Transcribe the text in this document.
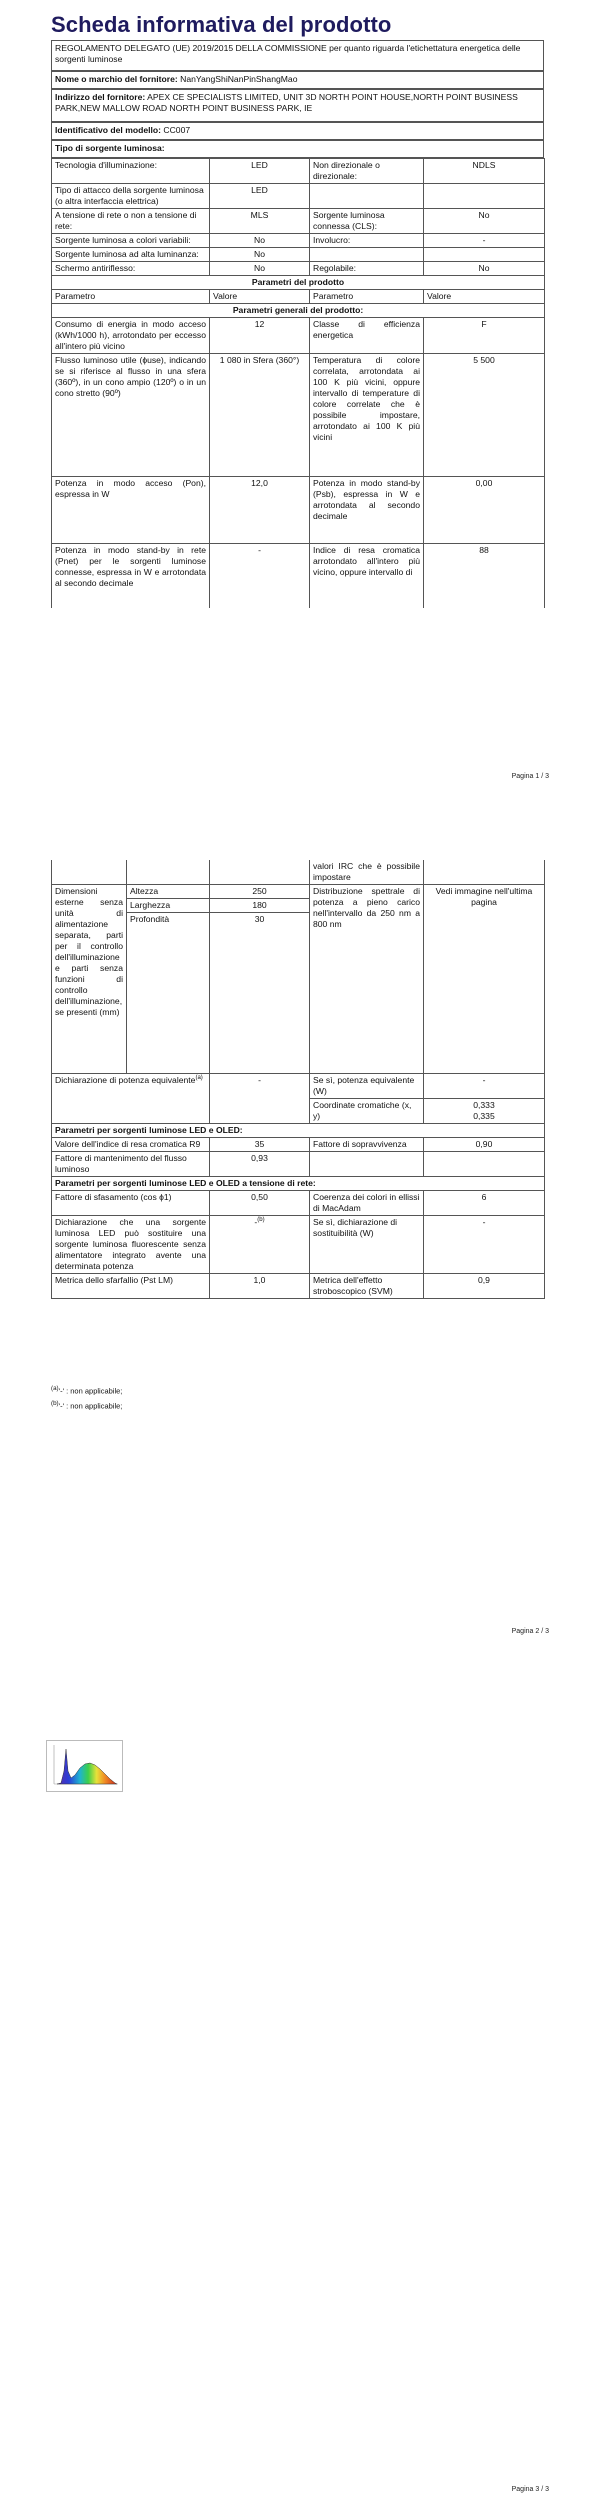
Scheda informativa del prodotto
REGOLAMENTO DELEGATO (UE) 2019/2015 DELLA COMMISSIONE per quanto riguarda l'etichettatura energetica delle sorgenti luminose
Nome o marchio del fornitore: NanYangShiNanPinShangMao
Indirizzo del fornitore: APEX CE SPECIALISTS LIMITED, UNIT 3D NORTH POINT HOUSE,NORTH POINT BUSINESS PARK,NEW MALLOW ROAD NORTH POINT BUSINESS PARK, IE
Identificativo del modello: CC007
Tipo di sorgente luminosa:
Tecnologia d'illuminazione:	LED	Non direzionale o direzionale:	NDLS
Tipo di attacco della sorgente luminosa
(o altra interfaccia elettrica)	LED		
A tensione di rete o non a tensione di rete:	MLS	Sorgente luminosa connessa (CLS):	No
Sorgente luminosa a colori variabili:	No	Involucro:	-
Sorgente luminosa ad alta luminanza:	No		
Schermo antiriflesso:	No	Regolabile:	No
Parametri del prodotto			
Parametro	Valore	Parametro	Valore
Parametri generali del prodotto:			
Consumo di energia in modo acceso (kWh/1000 h), arrotondato per eccesso all'intero più vicino	12	Classe di efficienza energetica	F
Flusso luminoso utile (ɸuse), indicando se si riferisce al flusso in una sfera (360º), in un cono ampio (120º) o in un cono stretto (90º)	1 080 in Sfera (360°)	Temperatura di colore correlata, arrotondata ai 100 K più vicini, oppure intervallo di temperature di colore correlate che è possibile impostare, arrotondato ai 100 K più vicini	5 500
Potenza in modo acceso (Pon), espressa in W	12,0	Potenza in modo stand-by (Psb), espressa in W e arrotondata al secondo decimale	0,00
Potenza in modo stand-by in rete (Pnet) per le sorgenti luminose connesse, espressa in W e arrotondata al secondo decimale	-	Indice di resa cromatica arrotondato all'intero più vicino, oppure intervallo di	88
Pagina 1 / 3
			valori IRC che è possibile impostare	
Dimensioni esterne senza unità di alimentazione separata, parti per il controllo dell'illuminazione e parti senza funzioni di controllo dell'illuminazione, se presenti (mm)	Altezza	250	Distribuzione spettrale di potenza a pieno carico nell'intervallo da 250 nm a 800 nm	Vedi immagine nell'ultima pagina
	Larghezza	180		
	Profondità	30		
Dichiarazione di potenza equivalente$^{(a)}$		-	Se sì, potenza equivalente (W)	-
			Coordinate cromatiche (x, y)	0,333
0,335
Parametri per sorgenti luminose LED e OLED:				
Valore dell'indice di resa cromatica R9		35	Fattore di sopravvivenza	0,90
Fattore di mantenimento del flusso luminoso		0,93		
Parametri per sorgenti luminose LED e OLED a tensione di rete:				
Fattore di sfasamento (cos ɸ1)		0,50	Coerenza dei colori in ellissi di MacAdam	6
Dichiarazione che una sorgente luminosa LED può sostituire una sorgente luminosa fluorescente senza alimentatore integrato avente una determinata potenza		-$^{(b)}$	Se sì, dichiarazione di sostituibilità (W)	-
Metrica dello sfarfallio (Pst LM)		1,0	Metrica dell'effetto stroboscopico (SVM)	0,9
$^{(a)}$'-' : non applicabile;
$^{(b)}$'-' : non applicabile;
Pagina 2 / 3
Pagina 3 / 3
